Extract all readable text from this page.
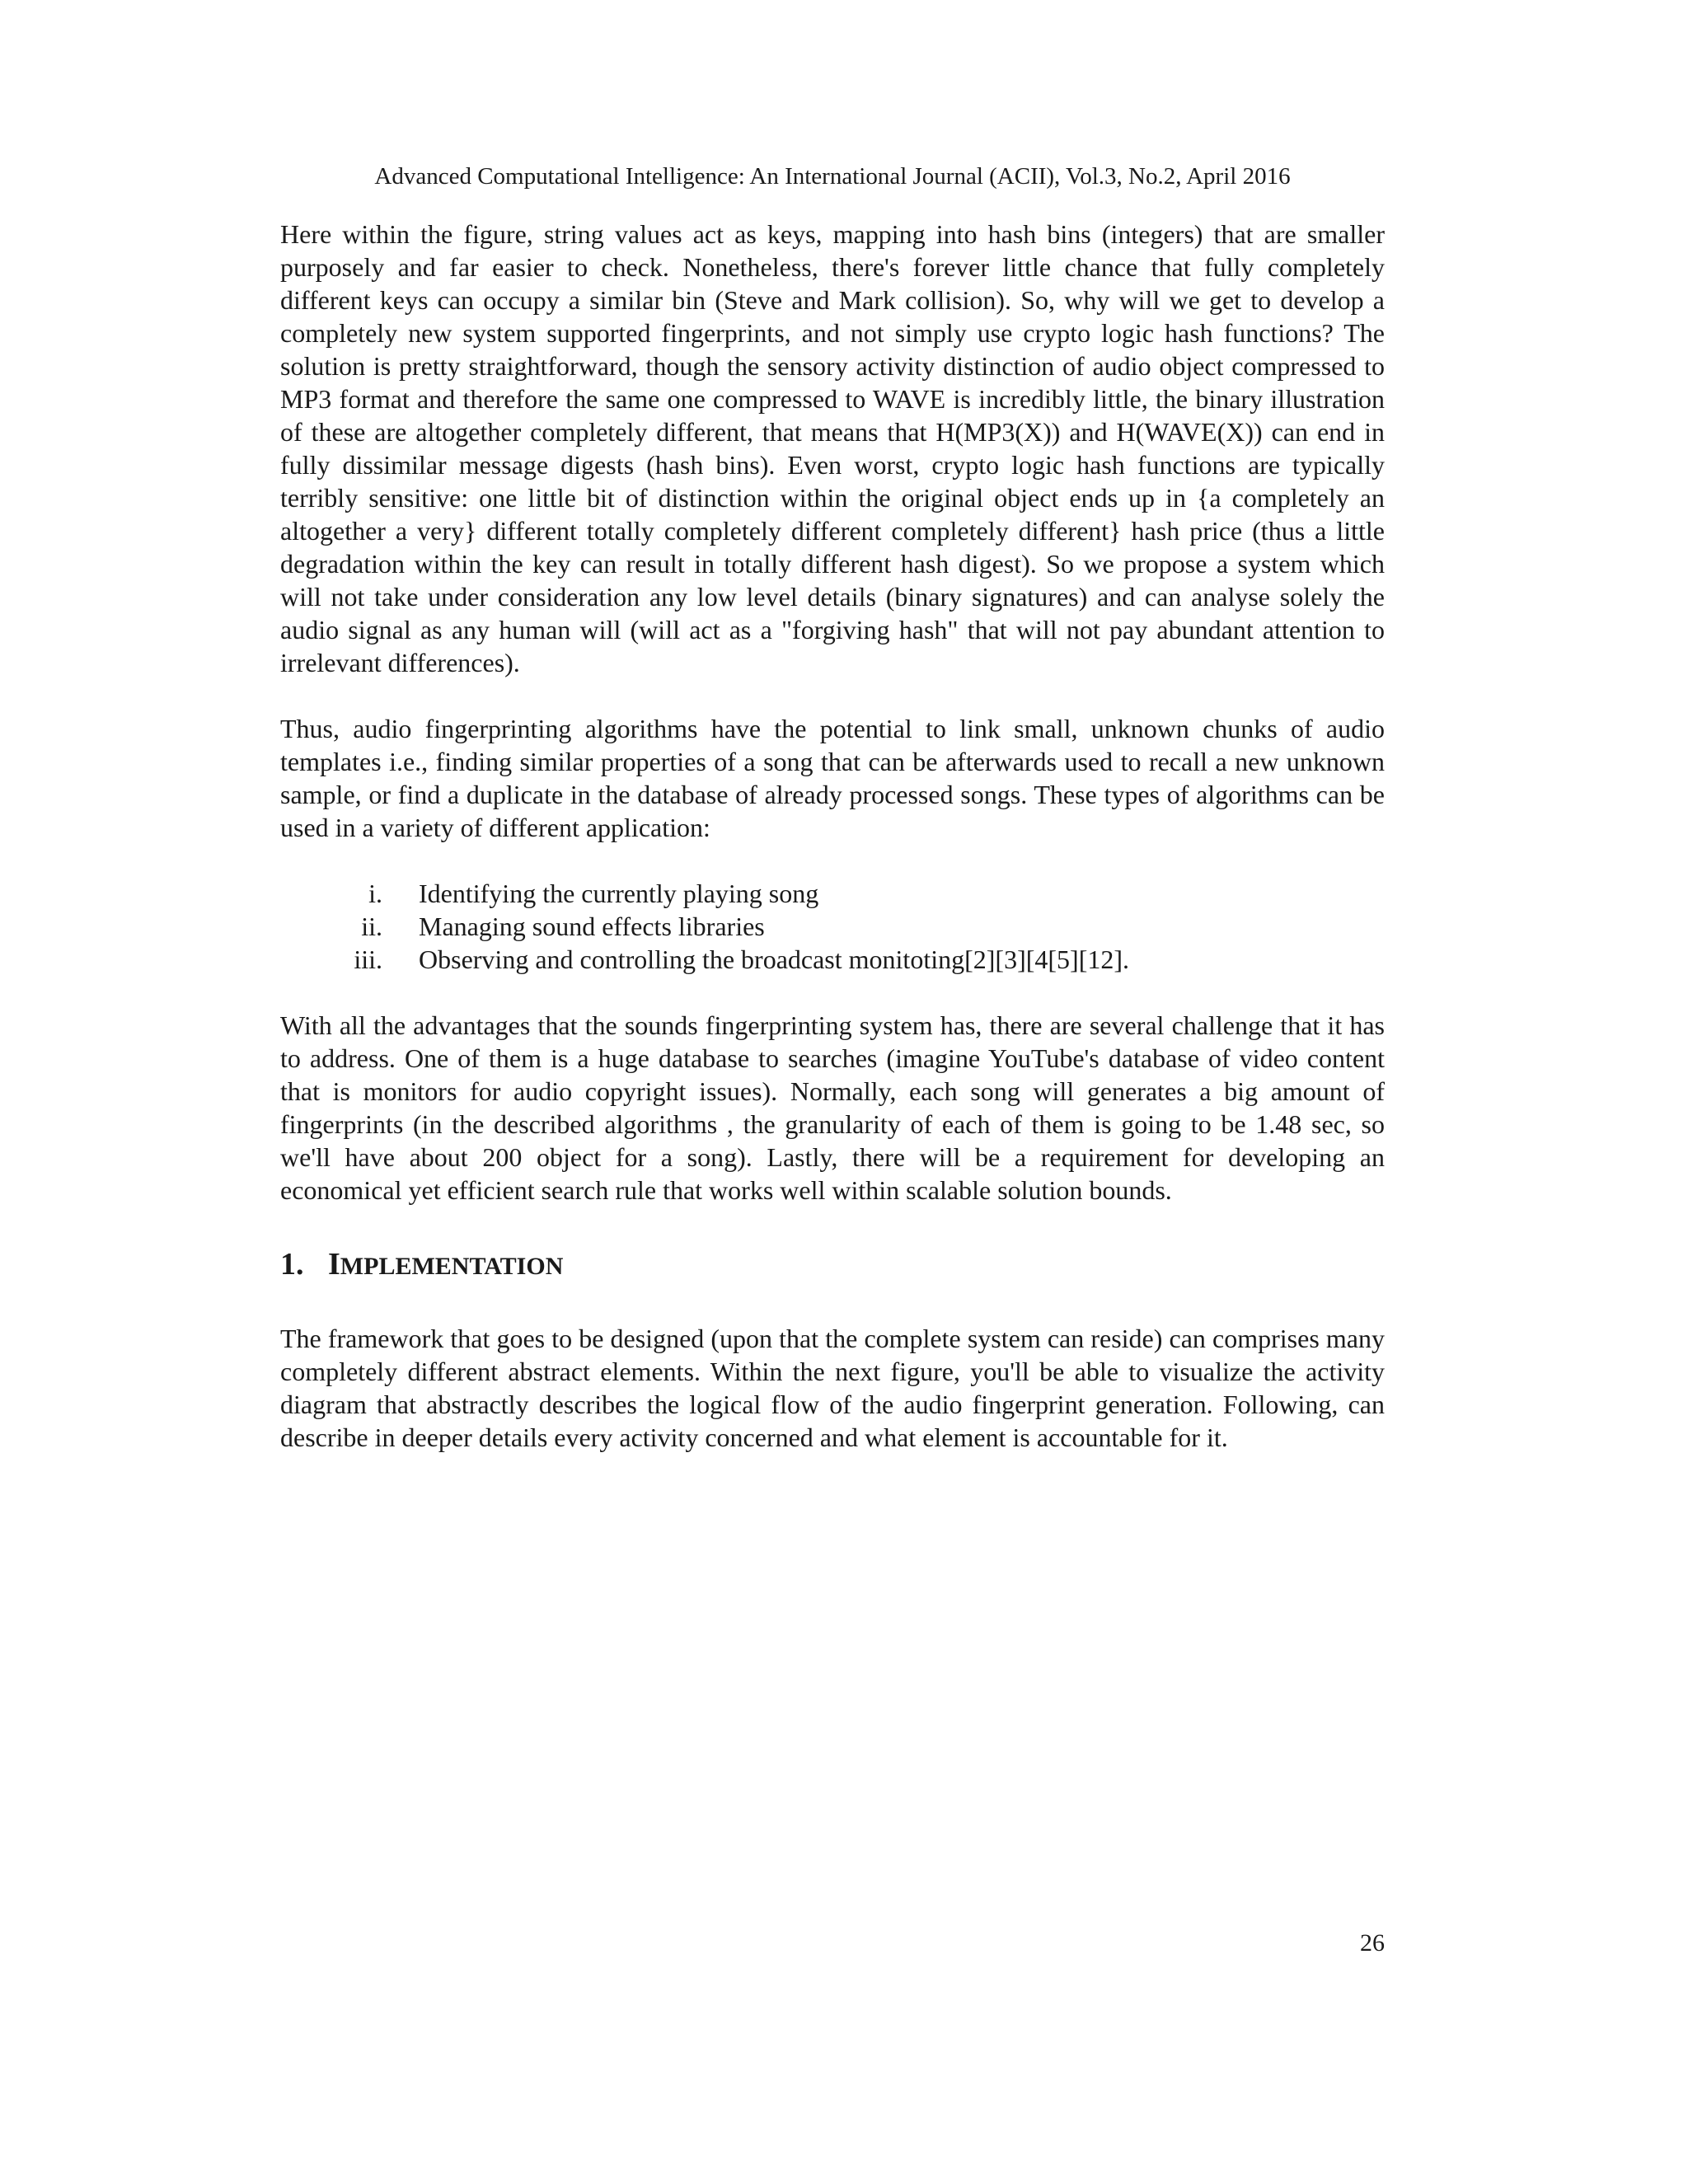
Advanced Computational Intelligence: An International Journal (ACII), Vol.3, No.2, April 2016

Here within the figure, string values act as keys, mapping into hash bins (integers) that are smaller purposely and far easier to check. Nonetheless, there's forever little chance that fully completely different keys can occupy a similar bin (Steve and Mark collision). So, why will we get to develop a completely new system supported fingerprints, and not simply use crypto logic hash functions? The solution is pretty straightforward, though the sensory activity distinction of audio object compressed to MP3 format and therefore the same one compressed to WAVE is incredibly little, the binary illustration of these are altogether completely different, that means that H(MP3(X)) and H(WAVE(X)) can end in fully dissimilar message digests (hash bins). Even worst, crypto logic hash functions are typically terribly sensitive: one little bit of distinction within the original object ends up in {a completely an altogether a very} different totally completely different completely different} hash price (thus a little degradation within the key can result in totally different hash digest). So we propose a system which will not take under consideration any low level details (binary signatures) and can analyse solely the audio signal as any human will (will act as a "forgiving hash" that will not pay abundant attention to irrelevant differences).

Thus, audio fingerprinting algorithms have the potential to link small, unknown chunks of audio templates i.e., finding similar properties of a song that can be afterwards used to recall a new unknown sample, or find a duplicate in the database of already processed songs. These types of algorithms can be used in a variety of different application:

i. Identifying the currently playing song
ii. Managing sound effects libraries
iii. Observing and controlling the broadcast monitoting[2][3][4[5][12].

With all the advantages that the sounds fingerprinting system has, there are several challenge that it has to address. One of them is a huge database to searches (imagine YouTube's database of video content that is monitors for audio copyright issues). Normally, each song will generates a big amount of fingerprints (in the described algorithms , the granularity of each of them is going to be 1.48 sec, so we'll have about 200 object for a song). Lastly, there will be a requirement for developing an economical yet efficient search rule that works well within scalable solution bounds.

1. IMPLEMENTATION

The framework that goes to be designed (upon that the complete system can reside) can comprises many completely different abstract elements. Within the next figure, you'll be able to visualize the activity diagram that abstractly describes the logical flow of the audio fingerprint generation. Following, can describe in deeper details every activity concerned and what element is accountable for it.

26
